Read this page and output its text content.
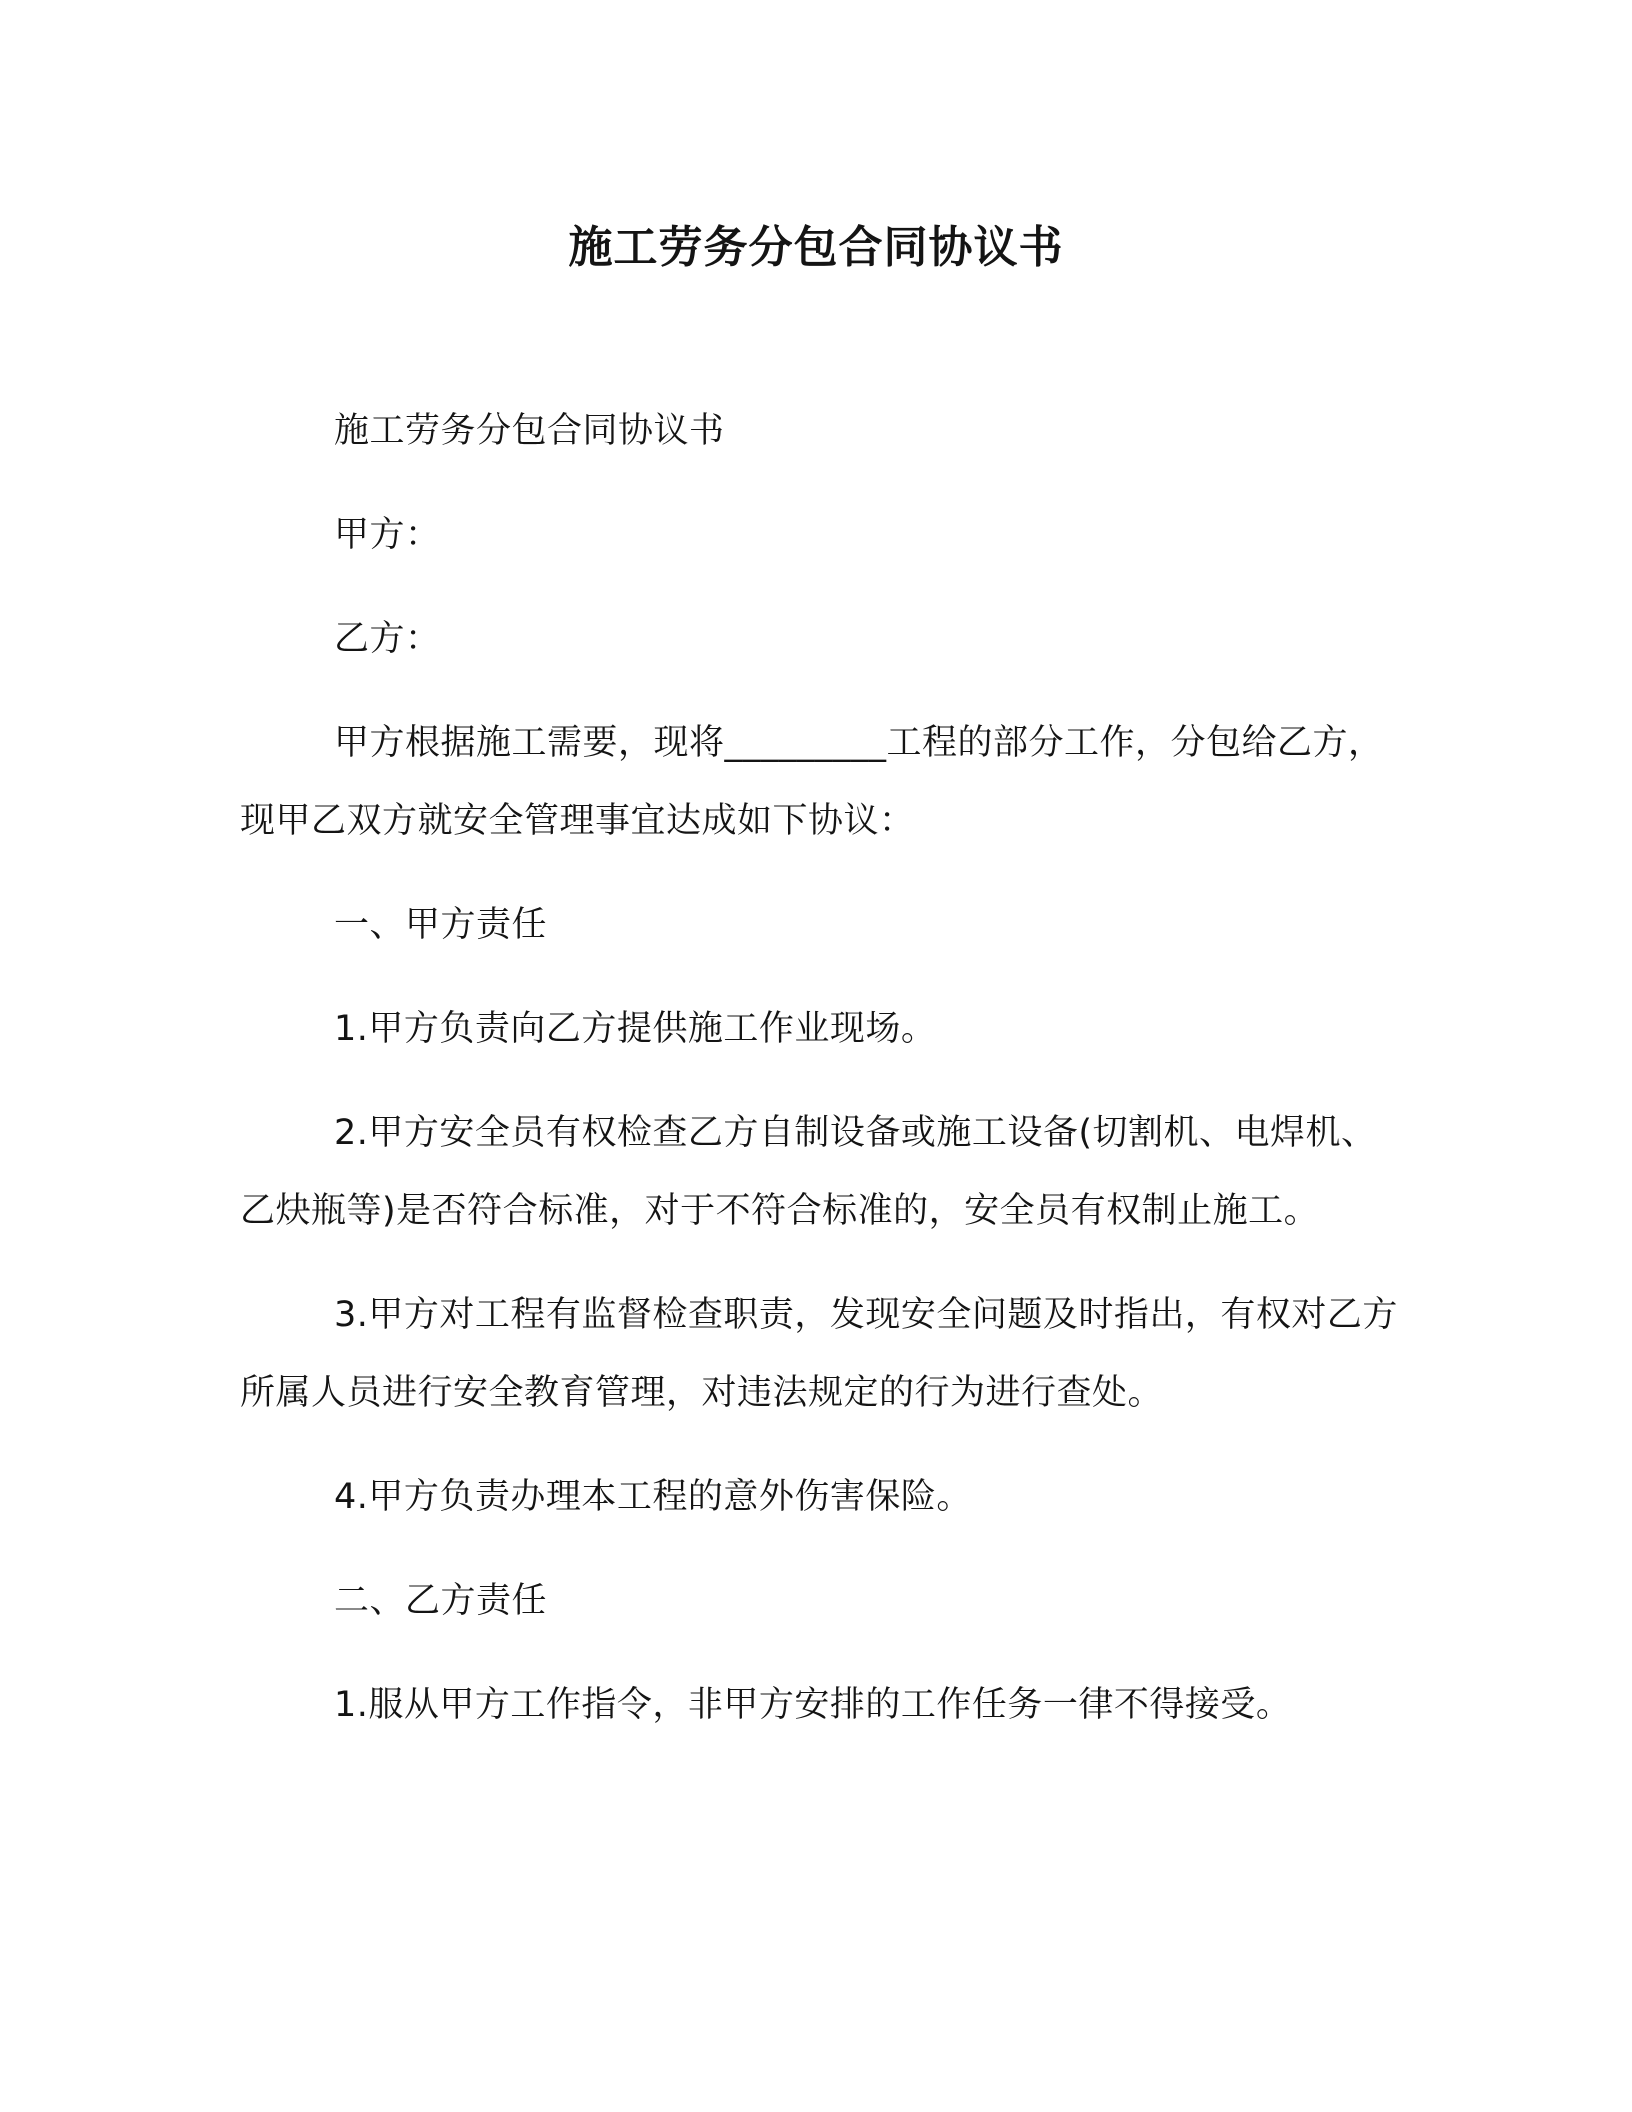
施工劳务分包合同协议书

施工劳务分包合同协议书

甲方：

乙方：

甲方根据施工需要，现将_________工程的部分工作，分包给乙方，现甲乙双方就安全管理事宜达成如下协议：

一、甲方责任

1.甲方负责向乙方提供施工作业现场。

2.甲方安全员有权检查乙方自制设备或施工设备(切割机、电焊机、乙炔瓶等)是否符合标准，对于不符合标准的，安全员有权制止施工。

3.甲方对工程有监督检查职责，发现安全问题及时指出，有权对乙方所属人员进行安全教育管理，对违法规定的行为进行查处。

4.甲方负责办理本工程的意外伤害保险。

二、乙方责任

1.服从甲方工作指令，非甲方安排的工作任务一律不得接受。
